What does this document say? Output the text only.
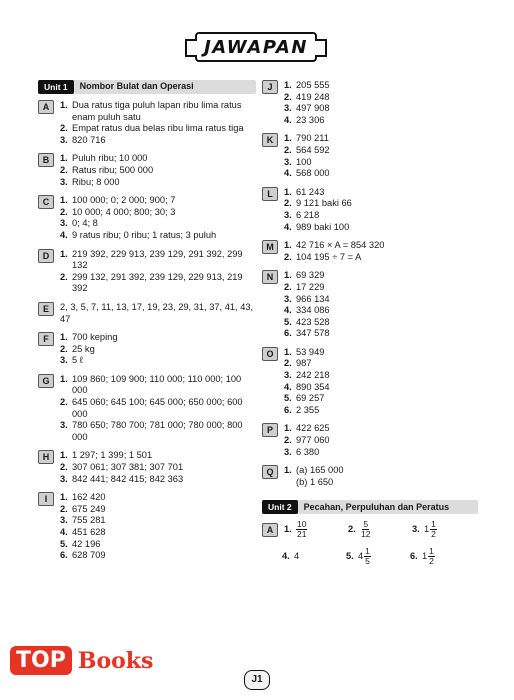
JAWAPAN
Unit 1	Nombor Bulat dan Operasi
A	1. Dua ratus tiga puluh lapan ribu lima ratus enam puluh satu
2. Empat ratus dua belas ribu lima ratus tiga
3. 820 716
B	1. Puluh ribu; 10 000
2. Ratus ribu; 500 000
3. Ribu; 8 000
C	1. 100 000; 0; 2 000; 900; 7
2. 10 000; 4 000; 800; 30; 3
3. 0; 4; 8
4. 9 ratus ribu; 0 ribu; 1 ratus; 3 puluh
D	1. 219 392, 229 913, 239 129, 291 392, 299 132
2. 299 132, 291 392, 239 129, 229 913, 219 392
E	2, 3, 5, 7, 11, 13, 17, 19, 23, 29, 31, 37, 41, 43, 47
F	1. 700 keping
2. 25 kg
3. 5 ℓ
G	1. 109 860; 109 900; 110 000; 110 000; 100 000
2. 645 060; 645 100; 645 000; 650 000; 600 000
3. 780 650; 780 700; 781 000; 780 000; 800 000
H	1. 1 297; 1 399; 1 501
2. 307 061; 307 381; 307 701
3. 842 441; 842 415; 842 363
I	1. 162 420
2. 675 249
3. 755 281
4. 451 628
5. 42 196
6. 628 709
J	1. 205 555
2. 419 248
3. 497 908
4. 23 306
K	1. 790 211
2. 564 592
3. 100
4. 568 000
L	1. 61 243
2. 9 121 baki 66
3. 6 218
4. 989 baki 100
M	1. 42 716 × A = 854 320
2. 104 195 ÷ 7 = A
N	1. 69 329
2. 17 229
3. 966 134
4. 334 086
5. 423 528
6. 347 578
O	1. 53 949
2. 987
3. 242 218
4. 890 354
5. 69 257
6. 2 355
P	1. 422 625
2. 977 060
3. 6 380
Q	1. (a) 165 000
(b) 1 650
Unit 2	Pecahan, Perpuluhan dan Peratus
A	1. $\frac{10}{21}$	2. $\frac{5}{12}$	3. $1 \frac{1}{2}$
4. 4	5. $4 \frac{1}{5}$	6. $1 \frac{1}{2}$
TOP Books
J1
